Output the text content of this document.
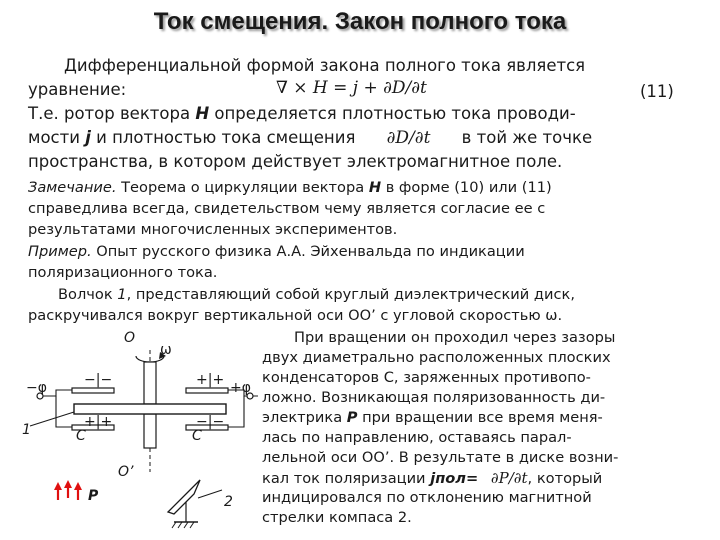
Ток смещения. Закон полного тока
Дифференциальной формой закона полного тока является
уравнение:	∇ × H = j + ∂D/∂t	(11)
Т.е. ротор вектора H определяется плотностью тока проводи-
мости j и плотностью тока смещения ∂D/∂t в той же точке
пространства, в котором действует электромагнитное поле.
Замечание. Теорема о циркуляции вектора H в форме (10) или (11)
справедлива всегда, свидетельством чему является согласие ее с
результатами многочисленных экспериментов.
Пример. Опыт русского физика А.А. Эйхенвальда по индикации
поляризационного тока.
Волчок 1, представляющий собой круглый диэлектрический диск,
раскручивался вокруг вертикальной оси OO’ с угловой скоростью ω.
При вращении он проходил через зазоры
двух диаметрально расположенных плоских
конденсаторов C, заряженных противопо-
ложно. Возникающая поляризованность ди-
электрика P при вращении все время меня-
лась по направлению, оставаясь парал-
лельной оси OO’. В результате в диске возни-
кал ток поляризации jпол= ∂P/∂t, который
индицировался по отклонению магнитной
стрелки компаса 2.
O
ω
O’
−φ	+φ
−|−	+|+
+|+	−|−
C	C
1
P	2
